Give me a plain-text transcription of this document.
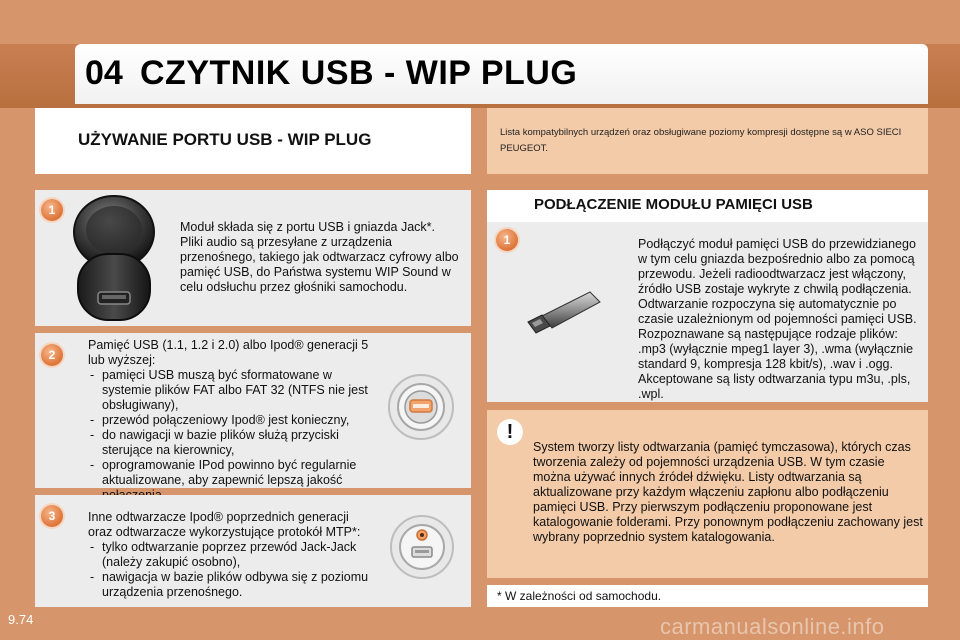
04 CZYTNIK USB - WIP PLUG
UŻYWANIE PORTU USB - WIP PLUG
1
Moduł składa się z portu USB i gniazda Jack*. Pliki audio są przesyłane z urządzenia przenośnego, takiego jak odtwarzacz cyfrowy albo pamięć USB, do Państwa systemu WIP Sound w celu odsłuchu przez głośniki samochodu.
2
Pamięć USB (1.1, 1.2 i 2.0) albo Ipod® generacji 5 lub wyższej:
- pamięci USB muszą być sformatowane w systemie plików FAT albo FAT 32 (NTFS nie jest obsługiwany),
- przewód połączeniowy Ipod® jest konieczny,
- do nawigacji w bazie plików służą przyciski sterujące na kierownicy,
- oprogramowanie IPod powinno być regularnie aktualizowane, aby zapewnić lepszą jakość
3	Inne odtwarzacze Ipod® poprzednich generacji oraz odtwarzacze wykorzystujące protokół MTP*:
- tylko odtwarzanie poprzez przewód Jack-Jack (należy zakupić osobno),
- nawigacja w bazie plików odbywa się z poziomu urządzenia przenośnego.
Lista kompatybilnych urządzeń oraz obsługiwane poziomy kompresji dostępne są w ASO SIECI PEUGEOT.
PODŁĄCZENIE MODUŁU PAMIĘCI USB
1	Podłączyć moduł pamięci USB do przewidzianego w tym celu gniazda bezpośrednio albo za pomocą przewodu. Jeżeli radioodtwarzacz jest włączony, źródło USB zostaje wykryte z chwilą podłączenia. Odtwarzanie rozpoczyna się automatycznie po czasie uzależnionym od pojemności pamięci USB. Rozpoznawane są następujące rodzaje plików: .mp3 (wyłącznie mpeg1 layer 3), .wma (wyłącznie standard 9, kompresja 128 kbit/s), .wav i .ogg. Akceptowane są listy odtwarzania typu m3u, .pls, .wpl.
!
System tworzy listy odtwarzania (pamięć tymczasowa), których czas tworzenia zależy od pojemności urządzenia USB. W tym czasie można używać innych źródeł dźwięku. Listy odtwarzania są aktualizowane przy każdym włączeniu zapłonu albo podłączeniu pamięci USB. Przy pierwszym podłączeniu proponowane jest katalogowanie folderami. Przy ponownym podłączeniu zachowany jest wybrany poprzednio system katalogowania.
* W zależności od samochodu.
9.74	carmanualsonline.info
